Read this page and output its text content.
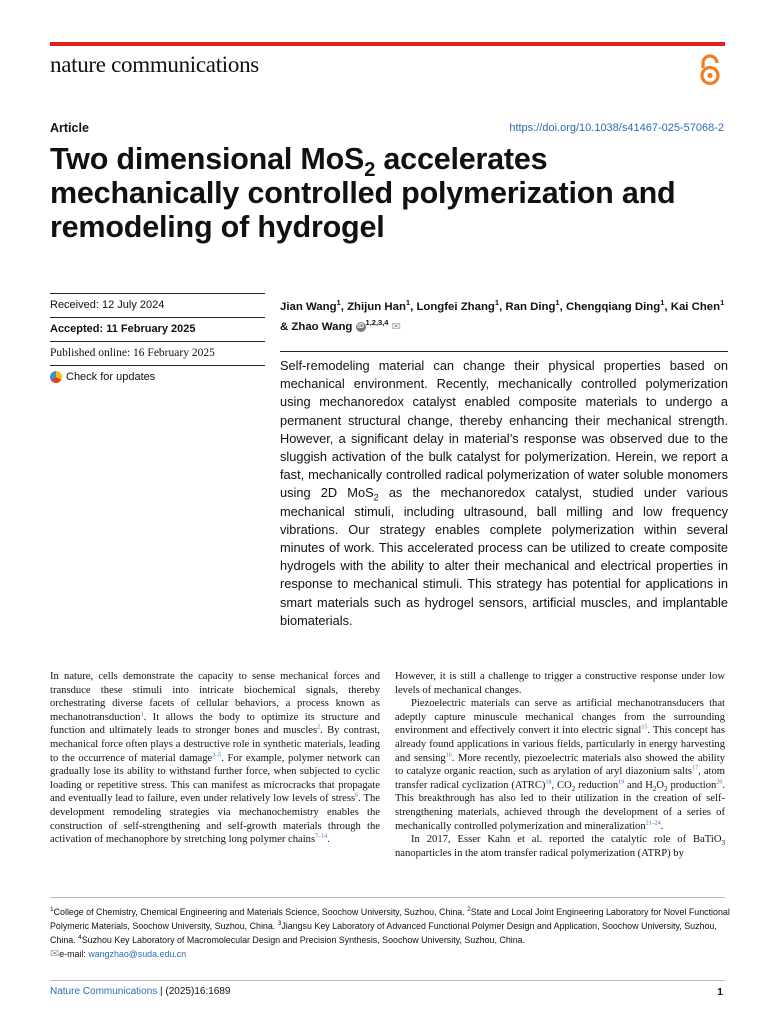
nature communications
Article	https://doi.org/10.1038/s41467-025-57068-2
Two dimensional MoS$_2$ accelerates mechanically controlled polymerization and remodeling of hydrogel
Received: 12 July 2024
Accepted: 11 February 2025
Published online: 16 February 2025
Check for updates
Jian Wang$^1$, Zhijun Han$^1$, Longfei Zhang$^1$, Ran Ding$^1$, Chengqiang Ding$^1$, Kai Chen$^1$ & Zhao Wang iD $^{1,2,3,4}$ ✉

Self-remodeling material can change their physical properties based on mechanical environment. Recently, mechanically controlled polymerization using mechanoredox catalyst enabled composite materials to undergo a permanent structural change, thereby enhancing their mechanical strength. However, a significant delay in material’s response was observed due to the sluggish activation of the bulk catalyst for polymerization. Herein, we report a fast, mechanically controlled radical polymerization of water soluble monomers using 2D MoS$_2$ as the mechanoredox catalyst, studied under various mechanical stimuli, including ultrasound, ball milling and low frequency vibrations. Our strategy enables complete polymerization within several minutes of work. This accelerated process can be utilized to create composite hydrogels with the ability to alter their mechanical and electrical properties in response to mechanical stimuli. This strategy has potential for applications in smart materials such as hydrogel sensors, artificial muscles, and implantable biomaterials.

In nature, cells demonstrate the capacity to sense mechanical forces and transduce these stimuli into intricate biochemical signals, thereby orchestrating diverse facets of cellular behaviors, a process known as mechanotransduction$^1$. It allows the body to optimize its structure and function and ultimately leads to stronger bones and muscles$^2$. By contrast, mechanical force often plays a destructive role in synthetic materials, leading to the occurrence of material damage$^{3-5}$. For example, polymer network can gradually lose its ability to withstand further force, when subjected to cyclic loading or repetitive stress. This can manifest as microcracks that propagate and eventually lead to failure, even under relatively low levels of stress$^6$. The development remodeling strategies via mechanochemistry enables the construction of self-strengthening and self-growth materials through the activation of mechanophore by stretching long polymer chains$^{7-14}$.

However, it is still a challenge to trigger a constructive response under low levels of mechanical changes.

Piezoelectric materials can serve as artificial mechanotransducers that adeptly capture minuscule mechanical changes from the surrounding environment and effectively convert it into electric signal$^{15}$. This concept has already found applications in various fields, particularly in energy harvesting and sensing$^{16}$. More recently, piezoelectric materials also showed the ability to catalyze organic reaction, such as arylation of aryl diazonium salts$^{17}$, atom transfer radical cyclization (ATRC)$^{18}$, $CO_2$ reduction$^{19}$ and $H_2O_2$ production$^{20}$. This breakthrough has also led to their utilization in the creation of self-strengthening materials, achieved through the development of a series of mechanically controlled polymerization and mineralization$^{21-24}$.

In 2017, Esser Kahn et al. reported the catalytic role of BaTiO$_3$ nanoparticles in the atom transfer radical polymerization (ATRP) by

$^1$College of Chemistry, Chemical Engineering and Materials Science, Soochow University, Suzhou, China. $^2$State and Local Joint Engineering Laboratory for Novel Functional Polymeric Materials, Soochow University, Suzhou, China. $^3$Jiangsu Key Laboratory of Advanced Functional Polymer Design and Application, Soochow University, Suzhou, China. $^4$Suzhou Key Laboratory of Macromolecular Design and Precision Synthesis, Soochow University, Suzhou, China.
✉e-mail: wangzhao@suda.edu.cn

Nature Communications | (2025)16:1689	1
